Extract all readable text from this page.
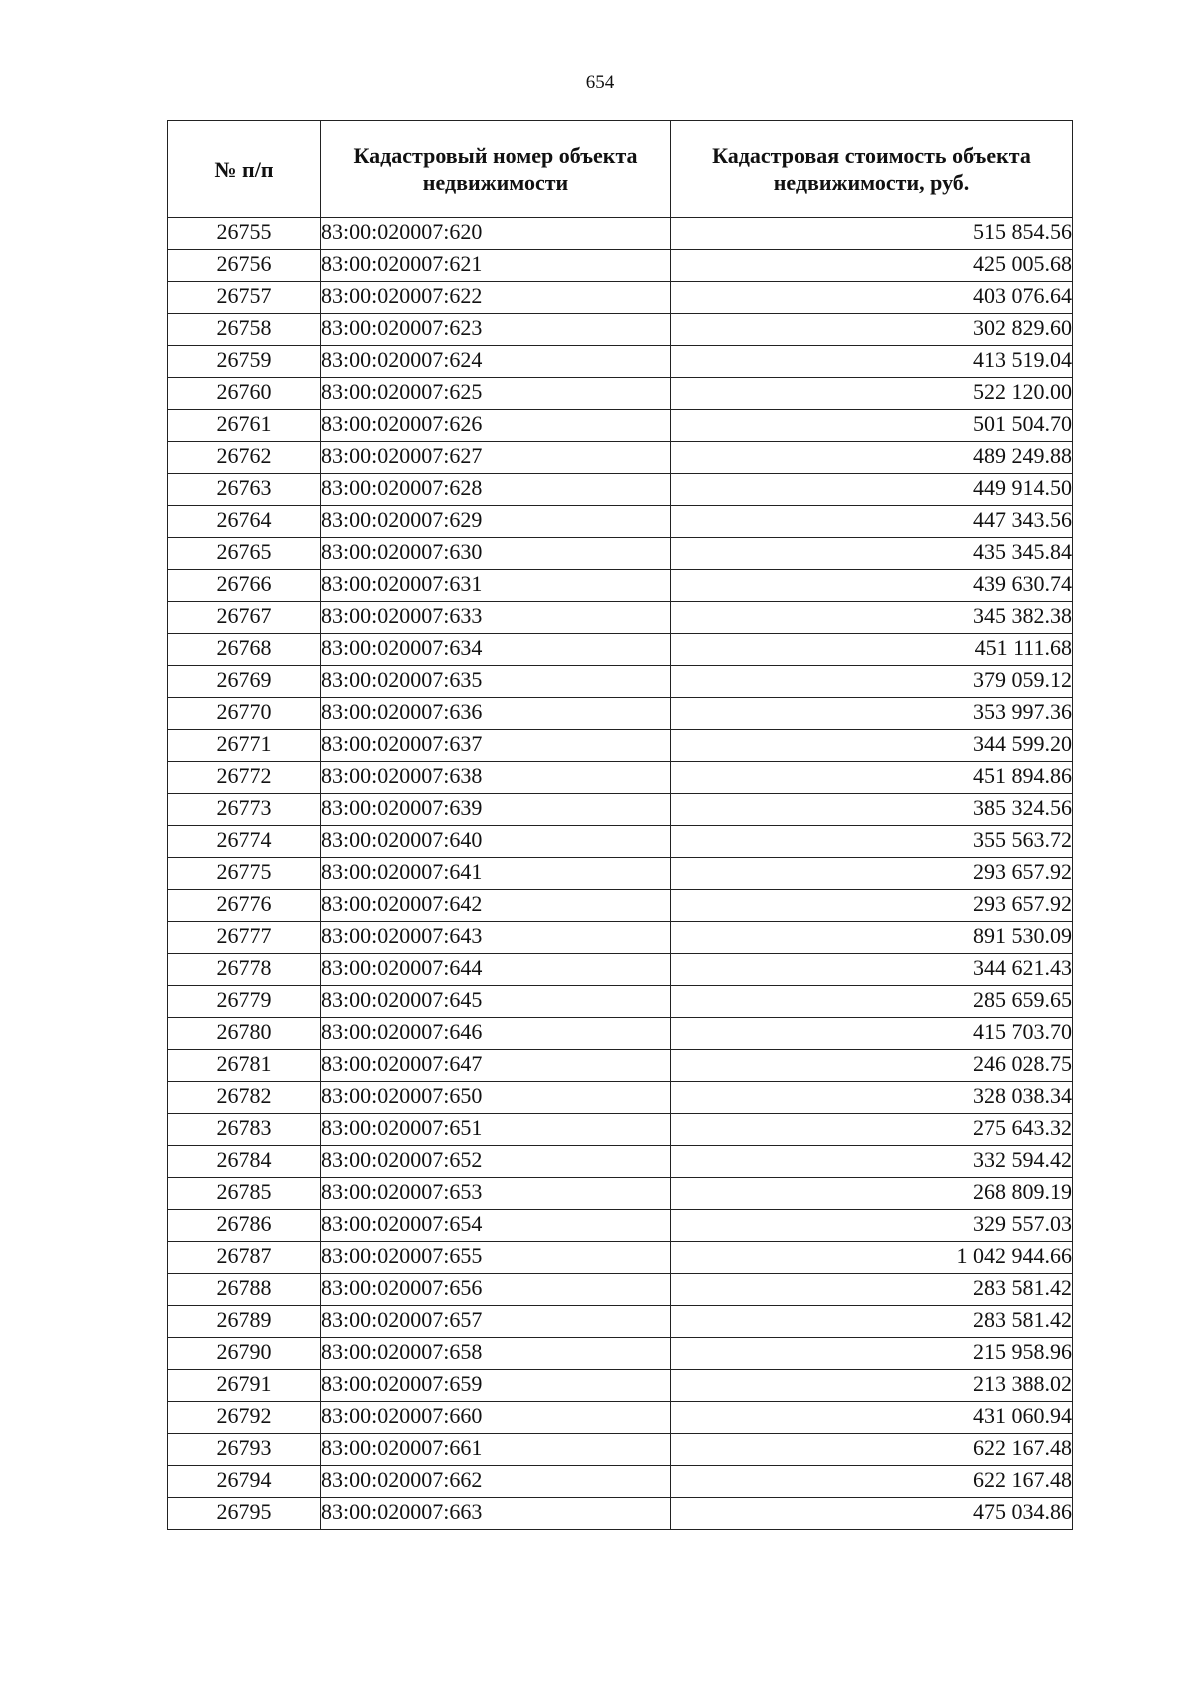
654
№ п/п	Кадастровый номер объекта недвижимости	Кадастровая стоимость объекта недвижимости, руб.
26755	83:00:020007:620	515 854.56
26756	83:00:020007:621	425 005.68
26757	83:00:020007:622	403 076.64
26758	83:00:020007:623	302 829.60
26759	83:00:020007:624	413 519.04
26760	83:00:020007:625	522 120.00
26761	83:00:020007:626	501 504.70
26762	83:00:020007:627	489 249.88
26763	83:00:020007:628	449 914.50
26764	83:00:020007:629	447 343.56
26765	83:00:020007:630	435 345.84
26766	83:00:020007:631	439 630.74
26767	83:00:020007:633	345 382.38
26768	83:00:020007:634	451 111.68
26769	83:00:020007:635	379 059.12
26770	83:00:020007:636	353 997.36
26771	83:00:020007:637	344 599.20
26772	83:00:020007:638	451 894.86
26773	83:00:020007:639	385 324.56
26774	83:00:020007:640	355 563.72
26775	83:00:020007:641	293 657.92
26776	83:00:020007:642	293 657.92
26777	83:00:020007:643	891 530.09
26778	83:00:020007:644	344 621.43
26779	83:00:020007:645	285 659.65
26780	83:00:020007:646	415 703.70
26781	83:00:020007:647	246 028.75
26782	83:00:020007:650	328 038.34
26783	83:00:020007:651	275 643.32
26784	83:00:020007:652	332 594.42
26785	83:00:020007:653	268 809.19
26786	83:00:020007:654	329 557.03
26787	83:00:020007:655	1 042 944.66
26788	83:00:020007:656	283 581.42
26789	83:00:020007:657	283 581.42
26790	83:00:020007:658	215 958.96
26791	83:00:020007:659	213 388.02
26792	83:00:020007:660	431 060.94
26793	83:00:020007:661	622 167.48
26794	83:00:020007:662	622 167.48
26795	83:00:020007:663	475 034.86
